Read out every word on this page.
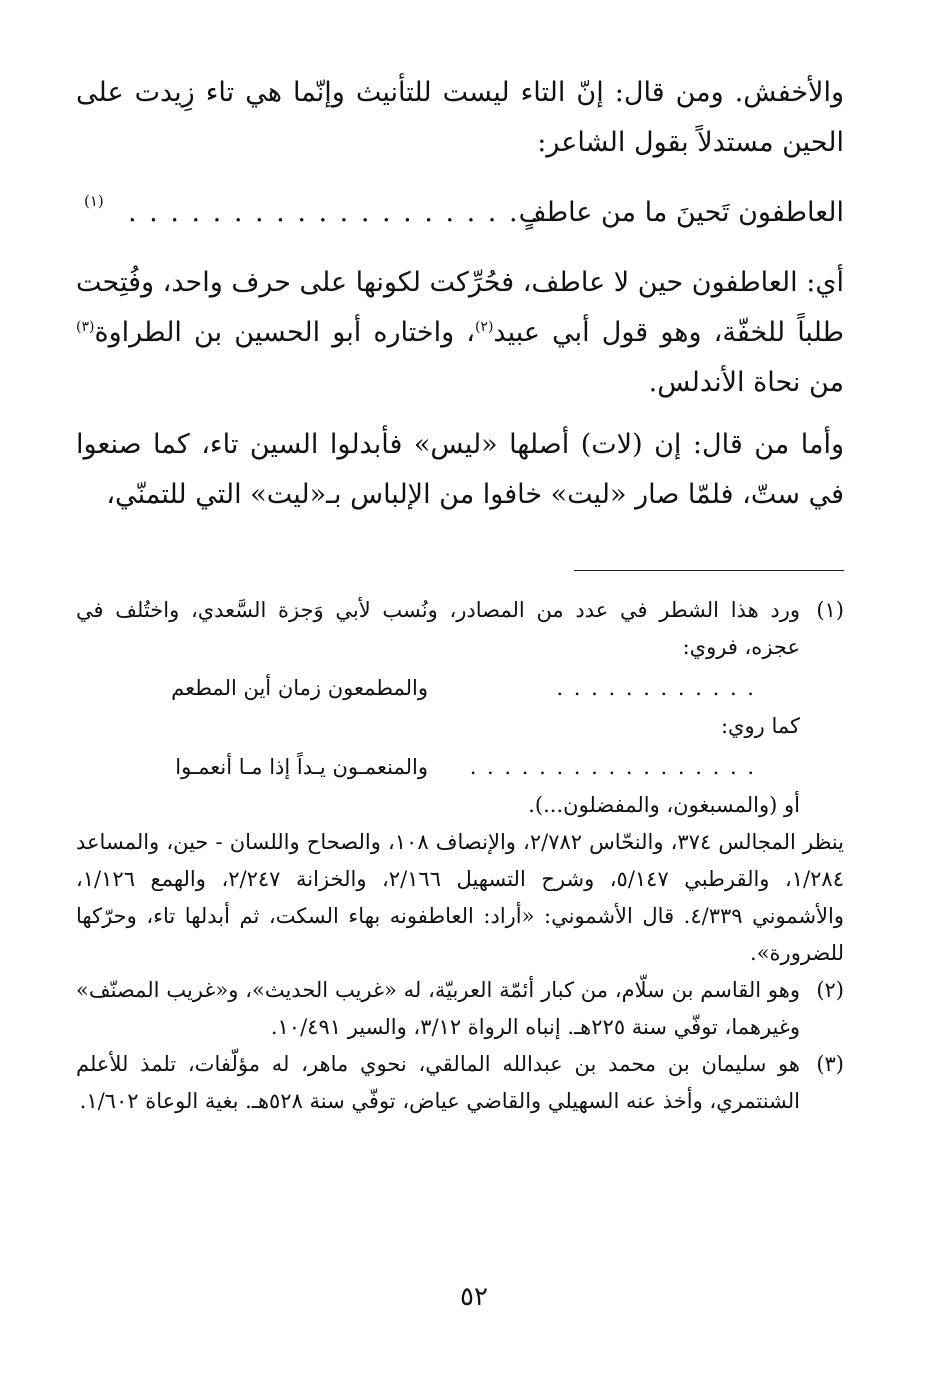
والأخفش. ومن قال: إنّ التاء ليست للتأنيث وإنّما هي تاء زِيدت على الحين مستدلاً بقول الشاعر:
العاطفون تَحينَ ما من عاطفٍ
. . . . . . . . . . . . . . . . . . . .
(١)
أي: العاطفون حين لا عاطف، فحُرِّكت لكونها على حرف واحد، وفُتِحت طلباً للخفّة، وهو قول أبي عبيد$^{(٢)}$، واختاره أبو الحسين بن الطراوة$^{(٣)}$ من نحاة الأندلس.
وأما من قال: إن (لات) أصلها «ليس» فأبدلوا السين تاء، كما صنعوا في ستّ، فلمّا صار «ليت» خافوا من الإلباس بـ«ليت» التي للتمنّي،
(١)
ورد هذا الشطر في عدد من المصادر، ونُسب لأبي وَجزة السَّعدي، واختُلف في عجزه، فروي:
والمطمعون زمان أين المطعم	. . . . . . . . . . . .
كما روي:
والمنعمـون يـداً إذا مـا أنعمـوا . . . . . . . . . . . . . . . . .
أو (والمسبغون، والمفضلون...).
ينظر المجالس ٣٧٤، والنحّاس ٢/٧٨٢، والإنصاف ١٠٨، والصحاح واللسان - حين، والمساعد ١/٢٨٤، والقرطبي ٥/١٤٧، وشرح التسهيل ٢/١٦٦، والخزانة ٢/٢٤٧، والهمع ١/١٢٦، والأشموني ٤/٣٣٩. قال الأشموني: «أراد: العاطفونه بهاء السكت، ثم أبدلها تاء، وحرّكها للضرورة».
(٢)
وهو القاسم بن سلّام، من كبار أئمّة العربيّة، له «غريب الحديث»، و«غريب المصنّف» وغيرهما، توفّي سنة ٢٢٥هـ. إنباه الرواة ٣/١٢، والسير ١٠/٤٩١.
(٣)
هو سليمان بن محمد بن عبدالله المالقي، نحوي ماهر، له مؤلّفات، تلمذ للأعلم الشنتمري، وأخذ عنه السهيلي والقاضي عياض، توفّي سنة ٥٢٨هـ. بغية الوعاة ١/٦٠٢.
٥٢
